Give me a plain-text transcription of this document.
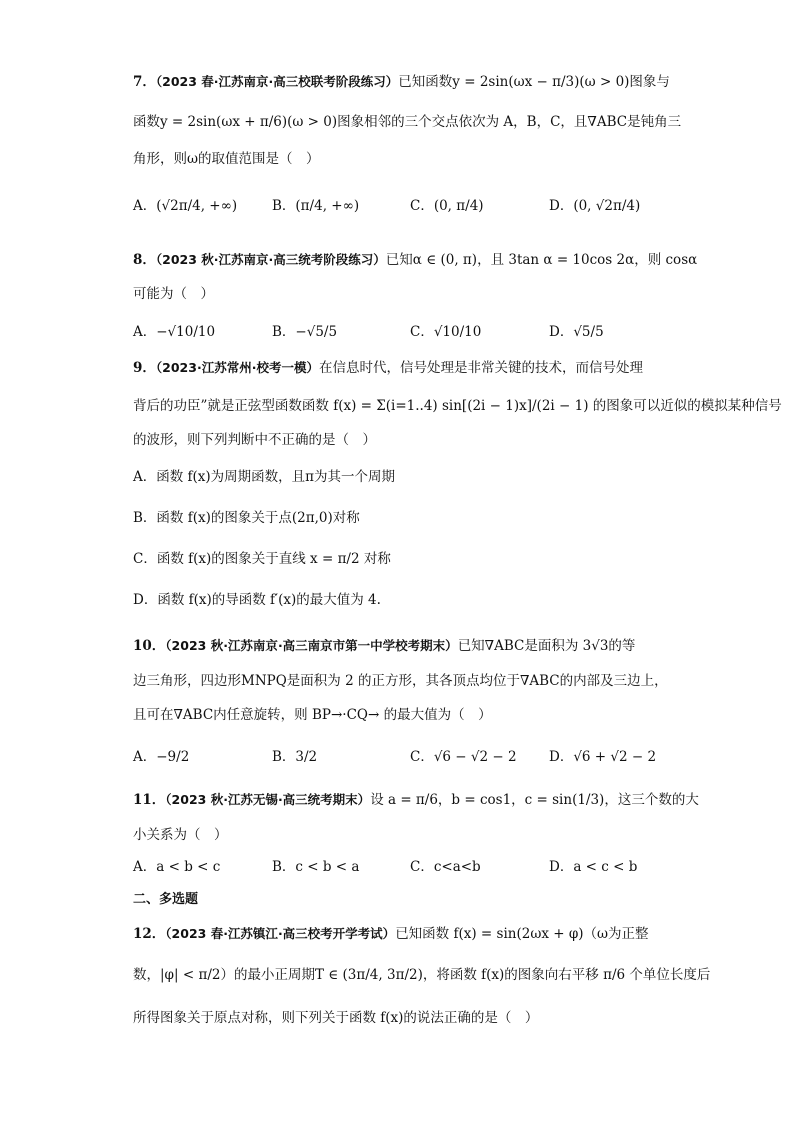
7．（2023 春·江苏南京·高三校联考阶段练习）已知函数y = 2sin(ωx − π/3)(ω > 0)图象与
函数y = 2sin(ωx + π/6)(ω > 0)图象相邻的三个交点依次为 A，B，C，且∇ABC是钝角三
角形，则ω的取值范围是（　）
A．(√2π/4, +∞)	B．(π/4, +∞)	C．(0, π/4)	D．(0, √2π/4)
8．（2023 秋·江苏南京·高三统考阶段练习）已知α ∈ (0, π)，且 3tan α = 10cos 2α，则 cosα
可能为（　）
A．−√10/10	B．−√5/5	C．√10/10	D．√5/5
9．（2023·江苏常州·校考一模）在信息时代，信号处理是非常关键的技术，而信号处理
背后的功臣”就是正弦型函数函数 f(x) = Σ(i=1..4) sin[(2i − 1)x]/(2i − 1) 的图象可以近似的模拟某种信号
的波形，则下列判断中不正确的是（　）
A．函数 f(x)为周期函数，且π为其一个周期
B．函数 f(x)的图象关于点(2π,0)对称
C．函数 f(x)的图象关于直线 x = π/2 对称
D．函数 f(x)的导函数 f′(x)的最大值为 4.
10．（2023 秋·江苏南京·高三南京市第一中学校考期末）已知∇ABC是面积为 3√3的等
边三角形，四边形MNPQ是面积为 2 的正方形，其各顶点均位于∇ABC的内部及三边上，
且可在∇ABC内任意旋转，则 BP→·CQ→ 的最大值为（　）
A．−9/2	B．3/2	C．√6 − √2 − 2 D．√6 + √2 − 2
11．（2023 秋·江苏无锡·高三统考期末）设 a = π/6，b = cos1，c = sin(1/3)，这三个数的大
小关系为（　）
A．a < b < c	B．c < b < a	C．c<a<b	D．a < c < b
二、多选题
12．（2023 春·江苏镇江·高三校考开学考试）已知函数 f(x) = sin(2ωx + φ)（ω为正整
数，|φ| < π/2）的最小正周期T ∈ (3π/4, 3π/2)，将函数 f(x)的图象向右平移 π/6 个单位长度后
所得图象关于原点对称，则下列关于函数 f(x)的说法正确的是（　）
